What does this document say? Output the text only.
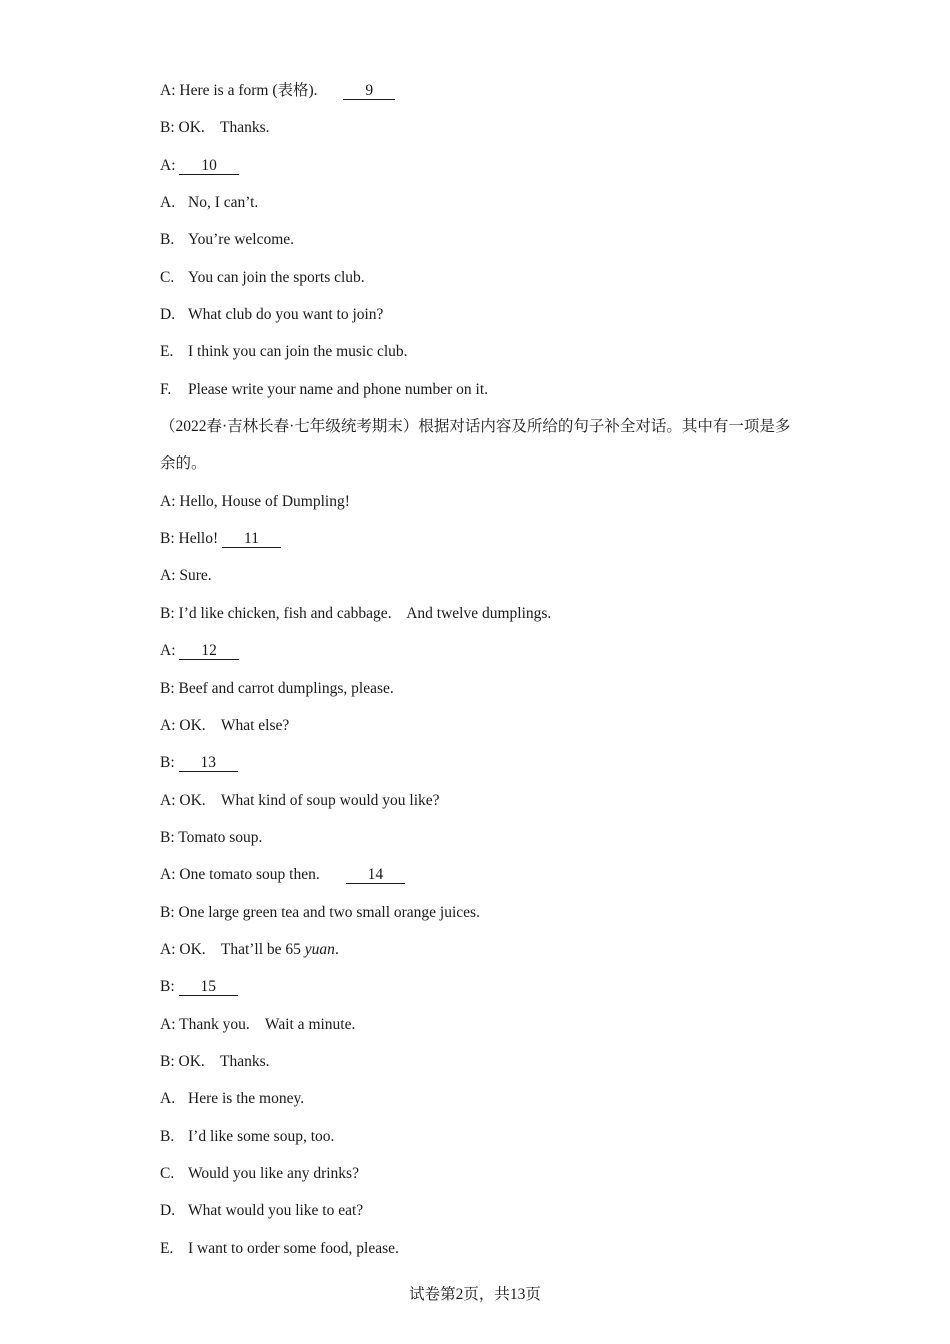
A: Here is a form (表格).	9
B: OK.    Thanks.
A: 10
A. No, I can’t.
B. You’re welcome.
C. You can join the sports club.
D. What club do you want to join?
E. I think you can join the music club.
F. Please write your name and phone number on it.
（2022春·吉林长春·七年级统考期末）根据对话内容及所给的句子补全对话。其中有一项是多余的。
A: Hello, House of Dumpling!
B: Hello! 11
A: Sure.
B: I’d like chicken, fish and cabbage.    And twelve dumplings.
A: 12
B: Beef and carrot dumplings, please.
A: OK.    What else?
B: 13
A: OK.    What kind of soup would you like?
B: Tomato soup.
A: One tomato soup then.	14
B: One large green tea and two small orange juices.
A: OK.    That’ll be 65 yuan.
B: 15
A: Thank you.    Wait a minute.
B: OK.    Thanks.
A. Here is the money.
B. I’d like some soup, too.
C. Would you like any drinks?
D. What would you like to eat?
E. I want to order some food, please.
试卷第2页，共13页
